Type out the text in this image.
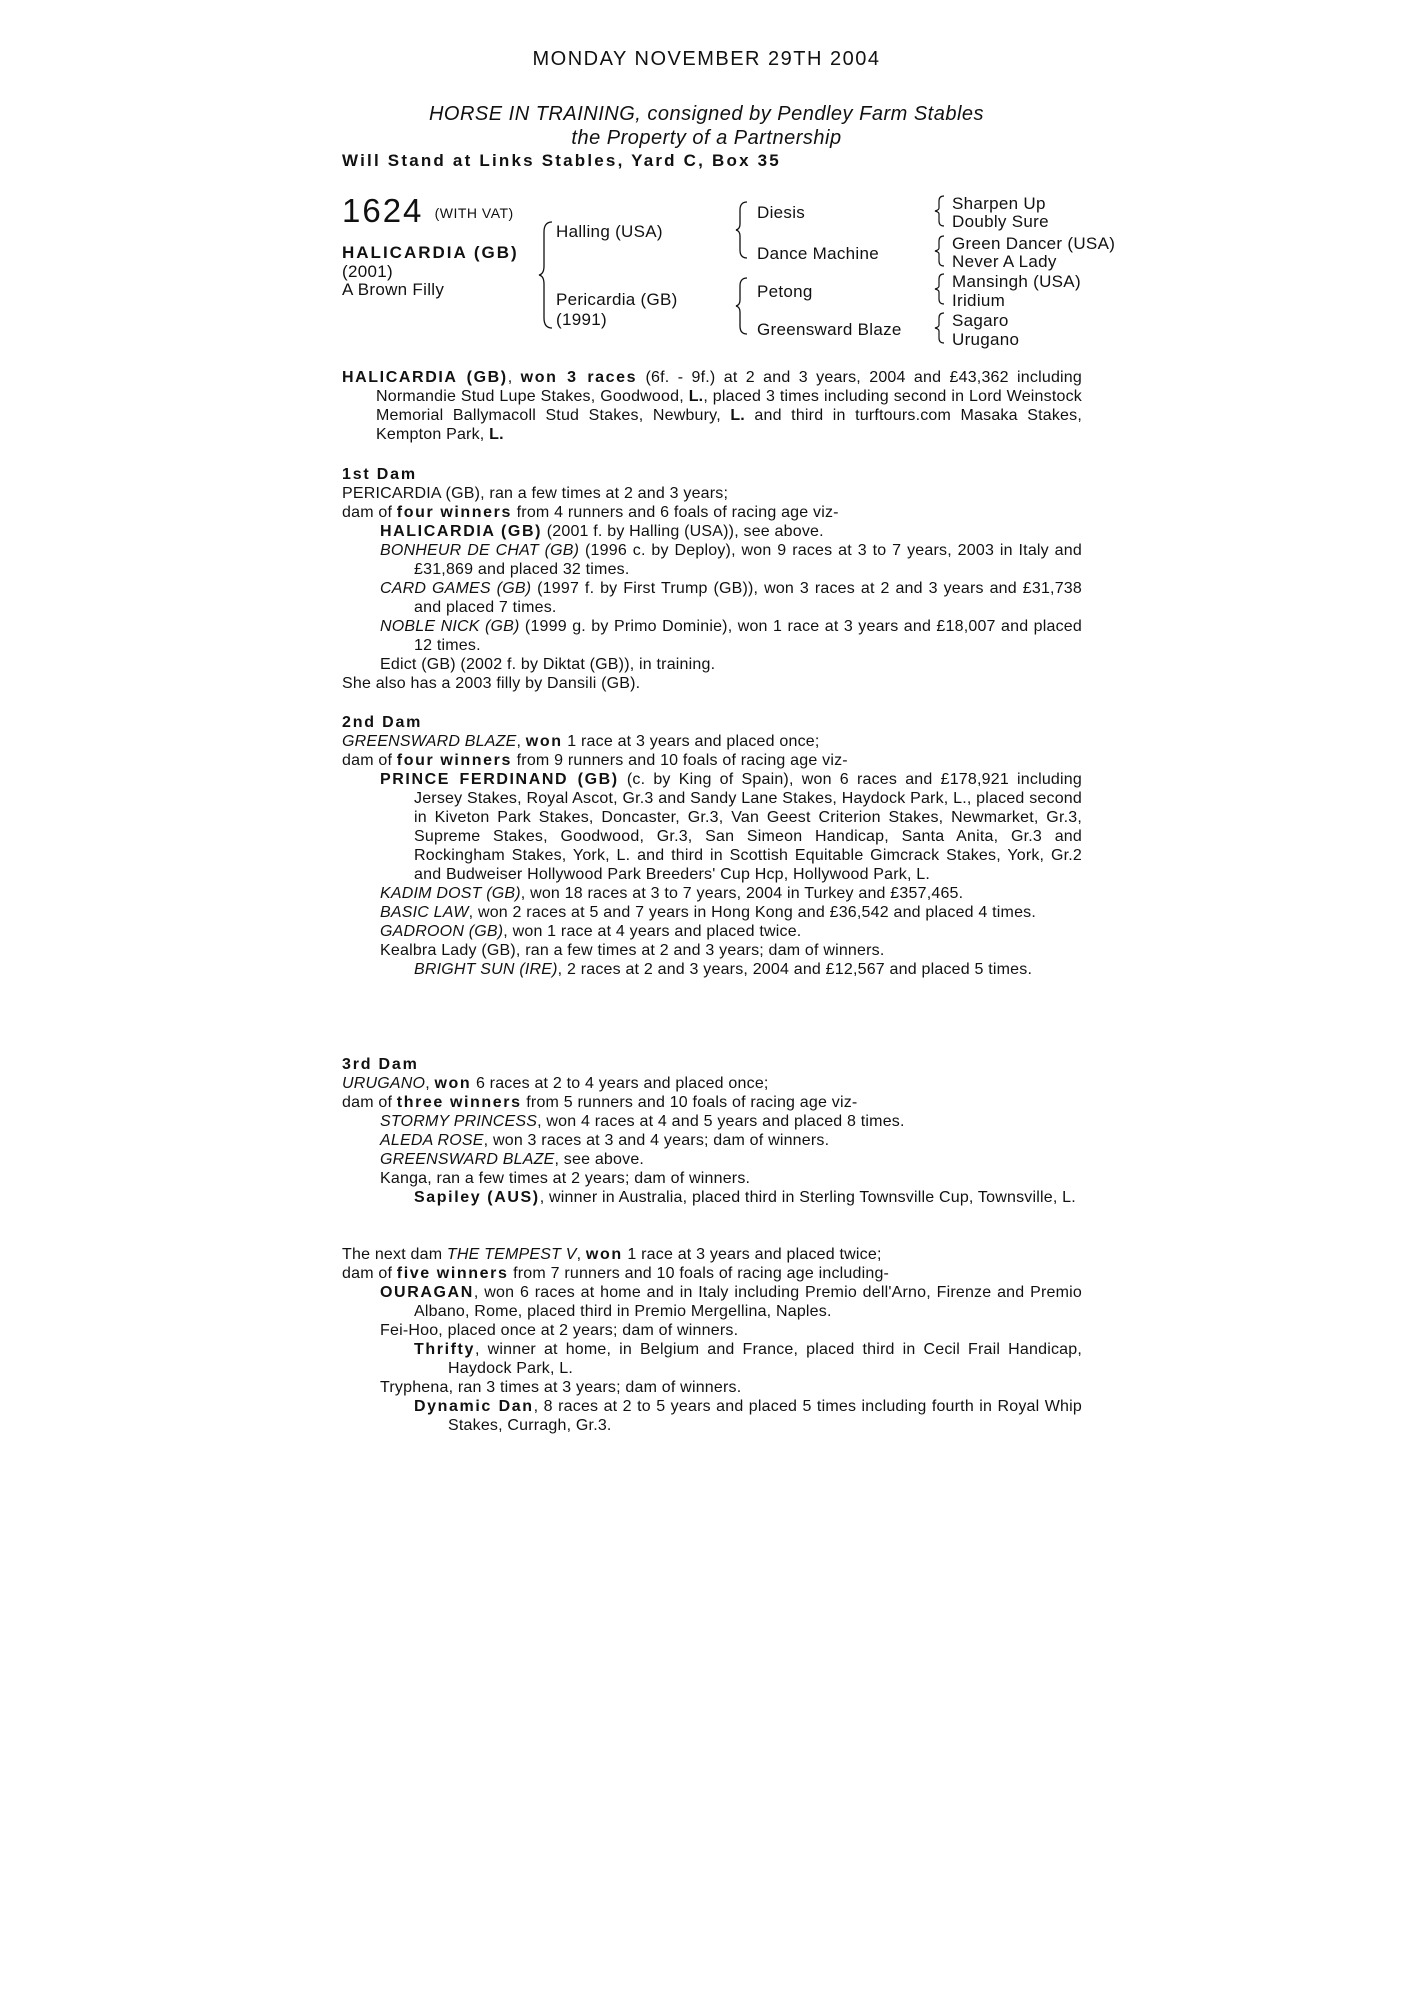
MONDAY NOVEMBER 29TH 2004
HORSE IN TRAINING, consigned by Pendley Farm Stables
the Property of a Partnership
Will Stand at Links Stables, Yard C, Box 35
1624 (WITH VAT)
HALICARDIA (GB)
(2001)
A Brown Filly
Halling (USA)
Pericardia (GB)
(1991)
Diesis
Dance Machine
Petong
Greensward Blaze
Sharpen Up
Doubly Sure
Green Dancer (USA)
Never A Lady
Mansingh (USA)
Iridium
Sagaro
Urugano

HALICARDIA (GB), won 3 races (6f. - 9f.) at 2 and 3 years, 2004 and £43,362 including Normandie Stud Lupe Stakes, Goodwood, L., placed 3 times including second in Lord Weinstock Memorial Ballymacoll Stud Stakes, Newbury, L. and third in turftours.com Masaka Stakes, Kempton Park, L.

1st Dam

PERICARDIA (GB), ran a few times at 2 and 3 years;

dam of four winners from 4 runners and 6 foals of racing age viz-

HALICARDIA (GB) (2001 f. by Halling (USA)), see above.

BONHEUR DE CHAT (GB) (1996 c. by Deploy), won 9 races at 3 to 7 years, 2003 in Italy and £31,869 and placed 32 times.

CARD GAMES (GB) (1997 f. by First Trump (GB)), won 3 races at 2 and 3 years and £31,738 and placed 7 times.

NOBLE NICK (GB) (1999 g. by Primo Dominie), won 1 race at 3 years and £18,007 and placed 12 times.

Edict (GB) (2002 f. by Diktat (GB)), in training.

She also has a 2003 filly by Dansili (GB).

2nd Dam

GREENSWARD BLAZE, won 1 race at 3 years and placed once;

dam of four winners from 9 runners and 10 foals of racing age viz-

PRINCE FERDINAND (GB) (c. by King of Spain), won 6 races and £178,921 including Jersey Stakes, Royal Ascot, Gr.3 and Sandy Lane Stakes, Haydock Park, L., placed second in Kiveton Park Stakes, Doncaster, Gr.3, Van Geest Criterion Stakes, Newmarket, Gr.3, Supreme Stakes, Goodwood, Gr.3, San Simeon Handicap, Santa Anita, Gr.3 and Rockingham Stakes, York, L. and third in Scottish Equitable Gimcrack Stakes, York, Gr.2 and Budweiser Hollywood Park Breeders' Cup Hcp, Hollywood Park, L.

KADIM DOST (GB), won 18 races at 3 to 7 years, 2004 in Turkey and £357,465.

BASIC LAW, won 2 races at 5 and 7 years in Hong Kong and £36,542 and placed 4 times.

GADROON (GB), won 1 race at 4 years and placed twice.

Kealbra Lady (GB), ran a few times at 2 and 3 years; dam of winners.

BRIGHT SUN (IRE), 2 races at 2 and 3 years, 2004 and £12,567 and placed 5 times.

3rd Dam

URUGANO, won 6 races at 2 to 4 years and placed once;

dam of three winners from 5 runners and 10 foals of racing age viz-

STORMY PRINCESS, won 4 races at 4 and 5 years and placed 8 times.

ALEDA ROSE, won 3 races at 3 and 4 years; dam of winners.

GREENSWARD BLAZE, see above.

Kanga, ran a few times at 2 years; dam of winners.

Sapiley (AUS), winner in Australia, placed third in Sterling Townsville Cup, Townsville, L.

The next dam THE TEMPEST V, won 1 race at 3 years and placed twice;

dam of five winners from 7 runners and 10 foals of racing age including-

OURAGAN, won 6 races at home and in Italy including Premio dell'Arno, Firenze and Premio Albano, Rome, placed third in Premio Mergellina, Naples.

Fei-Hoo, placed once at 2 years; dam of winners.

Thrifty, winner at home, in Belgium and France, placed third in Cecil Frail Handicap, Haydock Park, L.

Tryphena, ran 3 times at 3 years; dam of winners.

Dynamic Dan, 8 races at 2 to 5 years and placed 5 times including fourth in Royal Whip Stakes, Curragh, Gr.3.
